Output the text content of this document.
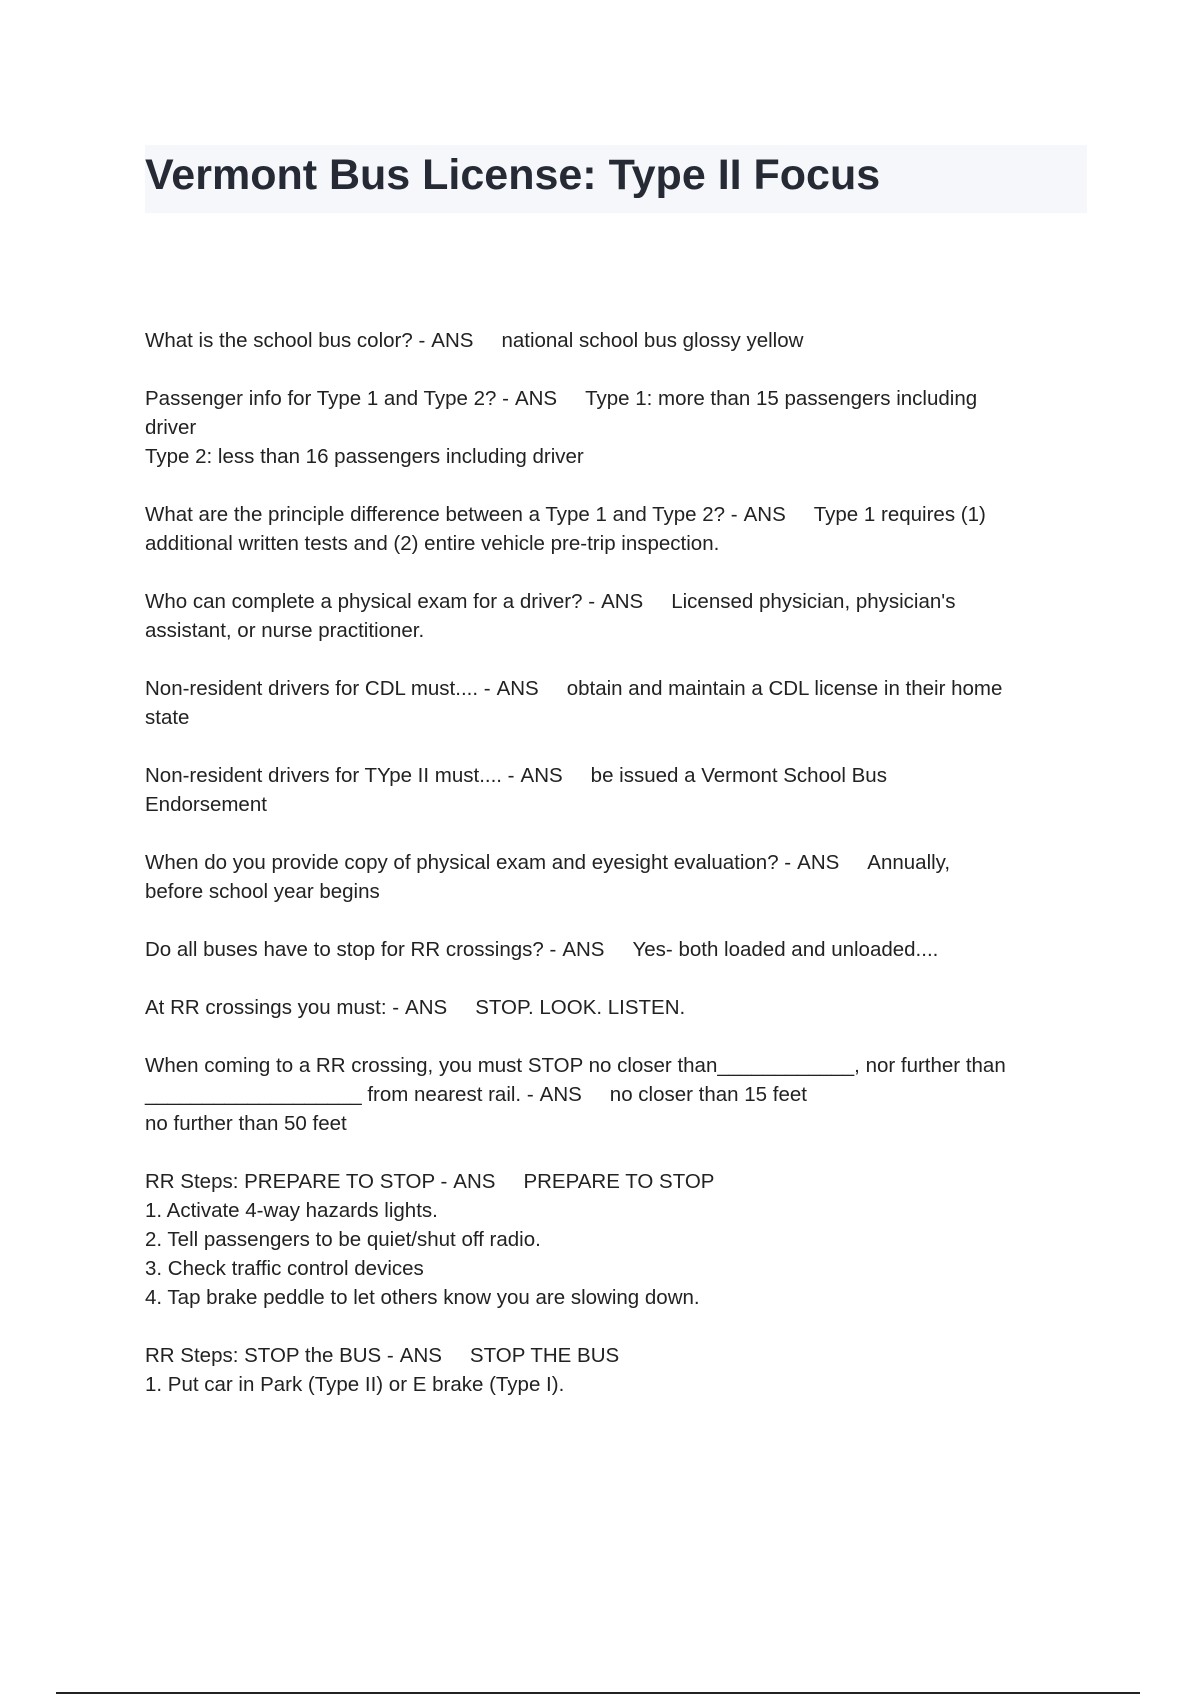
Vermont Bus License: Type II Focus
What is the school bus color? - ANS national school bus glossy yellow
Passenger info for Type 1 and Type 2? - ANS Type 1: more than 15 passengers including
driver
Type 2: less than 16 passengers including driver
What are the principle difference between a Type 1 and Type 2? - ANS Type 1 requires (1)
additional written tests and (2) entire vehicle pre-trip inspection.
Who can complete a physical exam for a driver? - ANS Licensed physician, physician's
assistant, or nurse practitioner.
Non-resident drivers for CDL must.... - ANS obtain and maintain a CDL license in their home
state
Non-resident drivers for TYpe II must.... - ANS be issued a Vermont School Bus
Endorsement
When do you provide copy of physical exam and eyesight evaluation? - ANS Annually,
before school year begins
Do all buses have to stop for RR crossings? - ANS Yes- both loaded and unloaded....
At RR crossings you must: - ANS STOP. LOOK. LISTEN.
When coming to a RR crossing, you must STOP no closer than____________, nor further than
___________________ from nearest rail. - ANS no closer than 15 feet
no further than 50 feet
RR Steps: PREPARE TO STOP - ANS PREPARE TO STOP
1. Activate 4-way hazards lights.
2. Tell passengers to be quiet/shut off radio.
3. Check traffic control devices
4. Tap brake peddle to let others know you are slowing down.
RR Steps: STOP the BUS - ANS STOP THE BUS
1. Put car in Park (Type II) or E brake (Type I).
